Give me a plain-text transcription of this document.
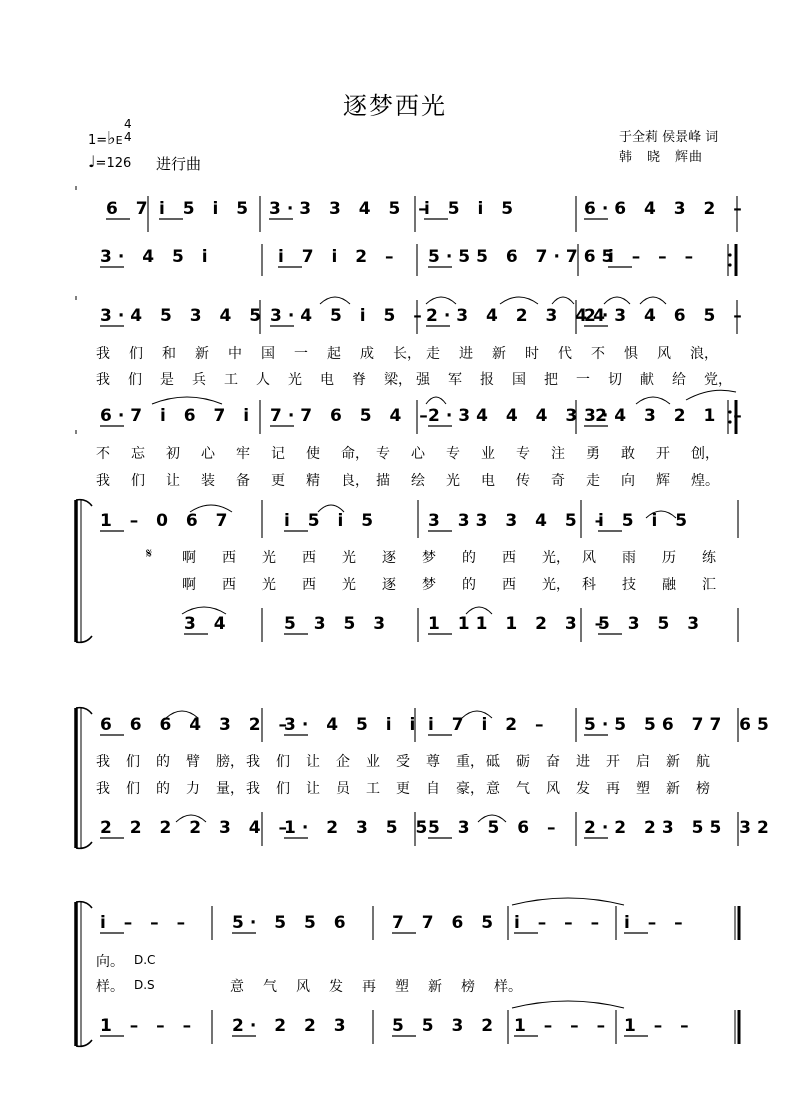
逐梦西光
1=♭E
4
4
♩=126 进行曲
于全莉 侯景峰 词
韩　晓　辉曲
6 7 i 5 i 5 3·3 3 4 5 –
i 5 i 5	6·6 4 3 2 –
3· 4 5 i	i 7 i 2 – 5·55 6 7·765
i – – –
3·4 5 3 4 5 3·4 5 i 5 –
2·3 4 2 3 44
2·3 4 6 5 –
6·7 i 6 7 i 7·7 6 5 4 –
2·34 4 4 3 2
3·4 3 2 1 –
1 – 0 6 7	i 5 i 5	3 33 3 4 5 –
i 5 i 5
3 4	5 3 5 3 1 11 1 2 3 –
5 3 5 3
6 6 6 4 3 2 –
3· 4 5 i i i 7 i 2 – 5·5 56 77 65
2 2 2 2 3 4 –
1· 2 3 5 5
5 3 5 6 – 2·2 23 55 32
i – – – 5· 5 5 6 7 7 6 5 i – – – i – –
1 – – – 2· 2 2 3 5 5 3 2 1 – – – 1 – –
我 们 和 新 中 国 一 起 成 长， 走 进 新 时 代 不 惧 风 浪，
我 们 是 兵 工 人 光 电 脊 梁， 强 军 报 国 把 一 切 献 给 党，
不 忘 初 心 牢 记 使 命， 专 心 专 业 专 注 勇 敢 开 创，
我 们 让 装 备 更 精 良， 描 绘 光 电 传 奇 走 向 辉 煌。
啊 西 光 西 光 逐 梦 的 西 光， 风 雨 历 练
啊 西 光 西 光 逐 梦 的 西 光， 科 技 融 汇
我 们 的 臂 膀， 我 们 让 企 业 受 尊 重， 砥 砺 奋 进 开 启 新 航
我 们 的 力 量， 我 们 让 员 工 更 自 豪， 意 气 风 发 再 塑 新 榜
向。
样。	意 气 风 发 再 塑 新 榜 样。
𝄋
D.C
D.S
